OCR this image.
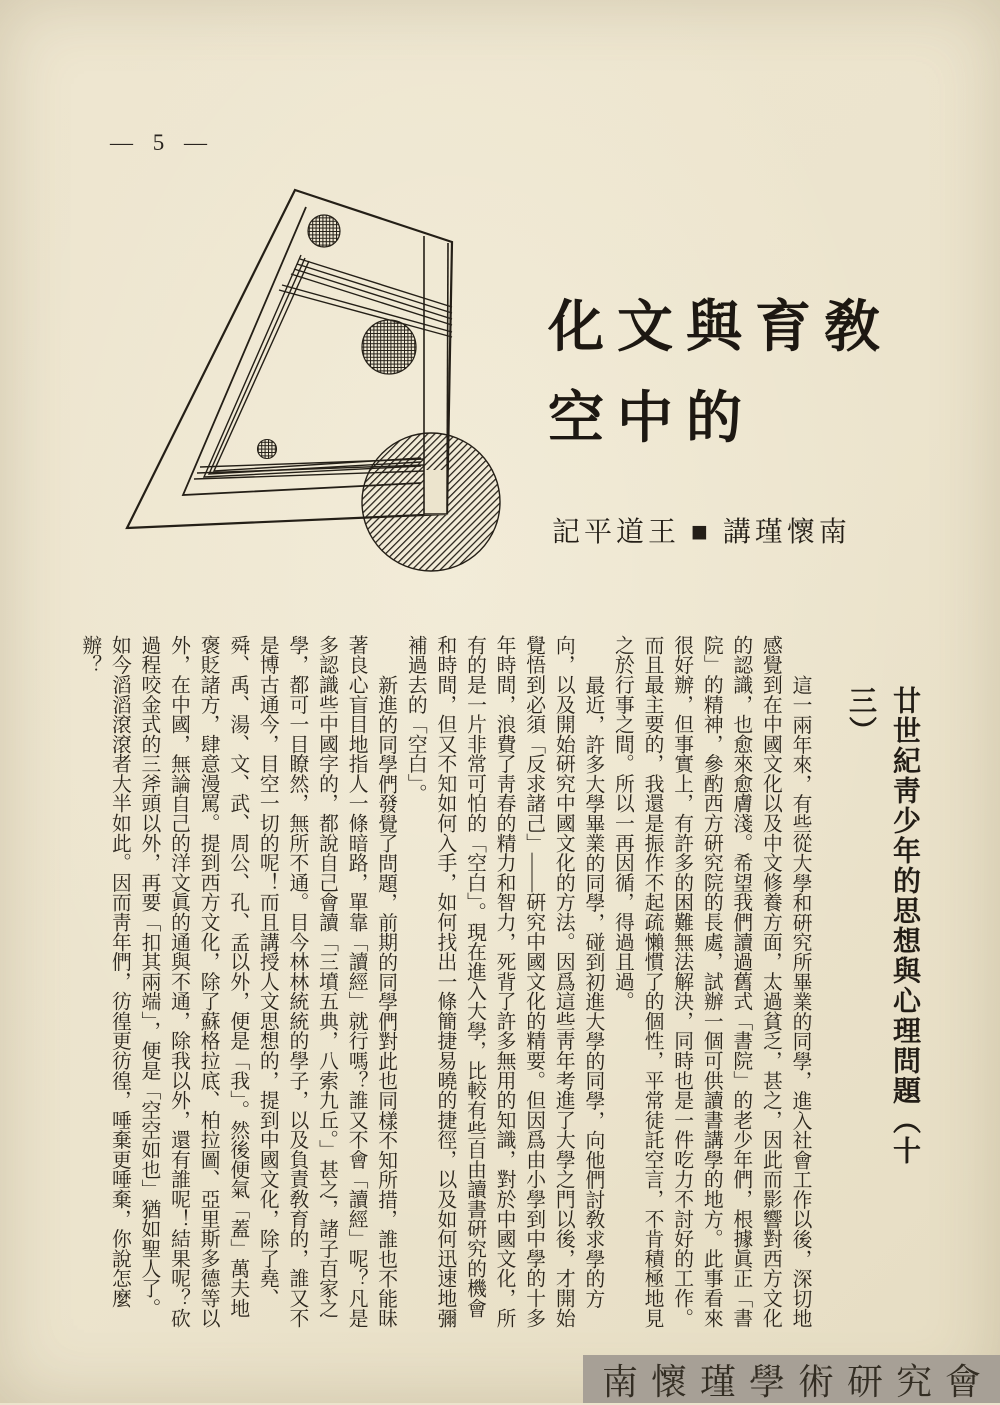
— 5 —
化文與育敎
空中的
記平道王 ■ 講瑾懷南
廿世紀靑少年的思想與心理問題（十三）

這一兩年來，有些從大學和硏究所畢業的同學，進入社會工作以後，深切地感覺到在中國文化以及中文修養方面，太過貧乏，甚之，因此而影響對西方文化的認識，也愈來愈膚淺。希望我們讀過舊式「書院」的老少年們，根據眞正「書院」的精神，參酌西方硏究院的長處，試辦一個可供讀書講學的地方。此事看來很好辦，但事實上，有許多的困難無法解決，同時也是一件吃力不討好的工作。而且最主要的，我還是振作不起疏懶慣了的個性，平常徒託空言，不肯積極地見之於行事之間。所以一再因循，得過且過。

最近，許多大學畢業的同學，碰到初進大學的同學，向他們討敎求學的方向，以及開始硏究中國文化的方法。因爲這些靑年考進了大學之門以後，才開始覺悟到必須「反求諸己」——硏究中國文化的精要。但因爲由小學到中學的十多年時間，浪費了靑春的精力和智力，死背了許多無用的知識，對於中國文化，所有的是一片非常可怕的「空白」。現在進入大學，比較有些自由讀書硏究的機會和時間，但又不知如何入手，如何找出一條簡捷易曉的捷徑，以及如何迅速地彌補過去的「空白」。

新進的同學們發覺了問題，前期的同學們對此也同樣不知所措，誰也不能昧著良心盲目地指人一條暗路，單靠「讀經」就行嗎？誰又不會「讀經」呢？凡是多認識些中國字的，都說自己會讀「三墳五典，八索九丘。」甚之，諸子百家之學，都可一目瞭然，無所不通。目今林林統統的學子，以及負責敎育的，誰又不是博古通今，目空一切的呢！而且講授人文思想的，提到中國文化，除了堯、舜、禹、湯、文、武、周公、孔、孟以外，便是「我」。然後便氣「蓋」萬夫地褒貶諸方，肆意漫罵。提到西方文化，除了蘇格拉底、柏拉圖、亞里斯多德等以外，在中國，無論自己的洋文眞的通與不通，除我以外，還有誰呢！結果呢？砍過程咬金式的三斧頭以外，再要「扣其兩端」，便是「空空如也」猶如聖人了。如今滔滔滾滾者大半如此。因而靑年們，彷徨更彷徨，唾棄更唾棄，你說怎麼辦？

南懷瑾學術研究會
